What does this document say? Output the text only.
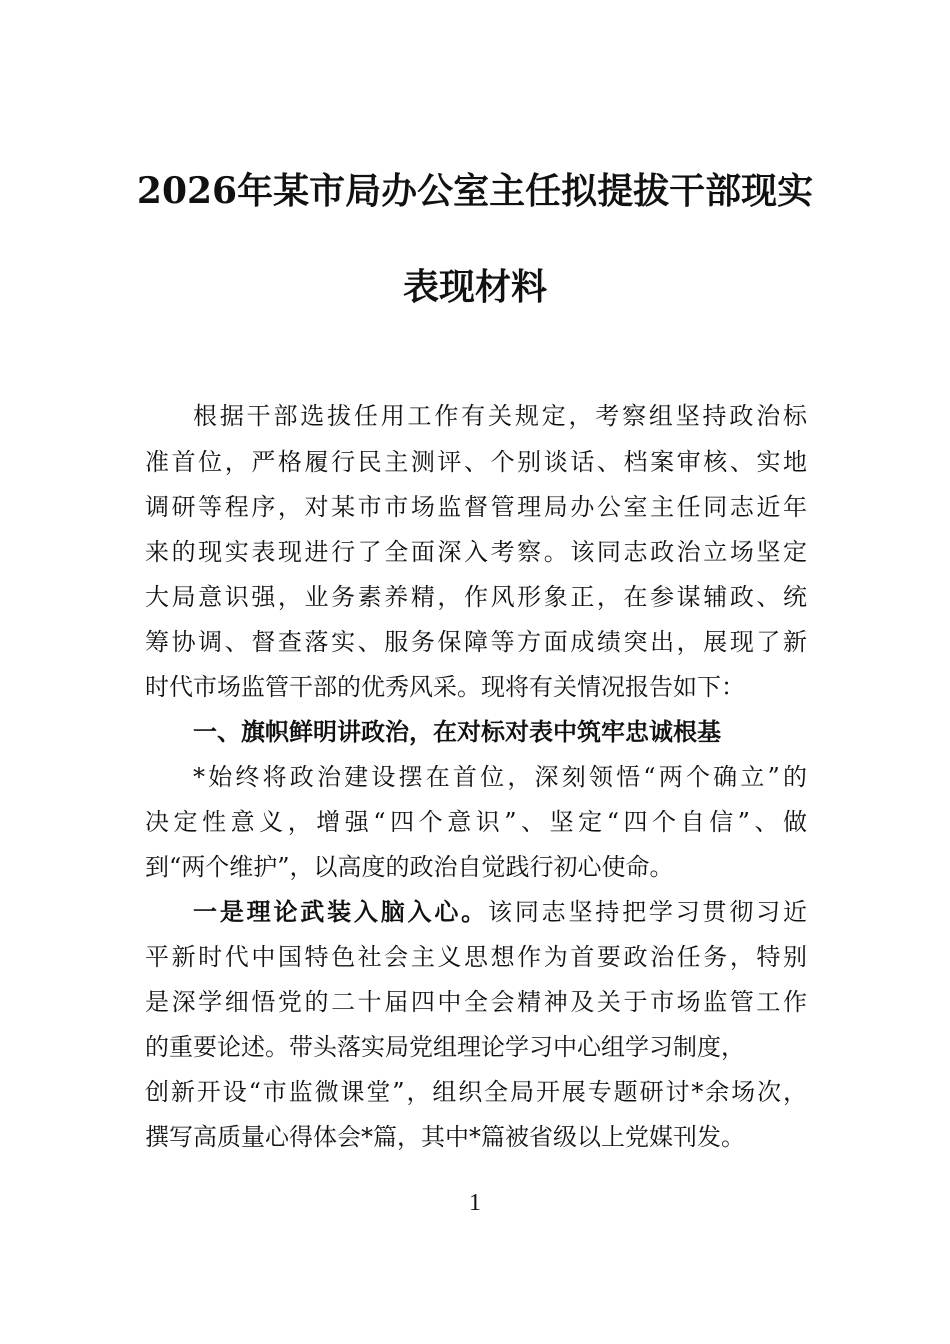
2026年某市局办公室主任拟提拔干部现实
表现材料
根据干部选拔任用工作有关规定，考察组坚持政治标
准首位，严格履行民主测评、个别谈话、档案审核、实地
调研等程序，对某市市场监督管理局办公室主任同志近年
来的现实表现进行了全面深入考察。该同志政治立场坚定
大局意识强，业务素养精，作风形象正，在参谋辅政、统
筹协调、督查落实、服务保障等方面成绩突出，展现了新
时代市场监管干部的优秀风采。现将有关情况报告如下：
一、旗帜鲜明讲政治，在对标对表中筑牢忠诚根基
*始终将政治建设摆在首位，深刻领悟“两个确立”的
决定性意义，增强“四个意识”、坚定“四个自信”、做
到“两个维护”，以高度的政治自觉践行初心使命。
一是理论武装入脑入心。该同志坚持把学习贯彻习近
平新时代中国特色社会主义思想作为首要政治任务，特别
是深学细悟党的二十届四中全会精神及关于市场监管工作
的重要论述。带头落实局党组理论学习中心组学习制度，
创新开设“市监微课堂”，组织全局开展专题研讨*余场次，
撰写高质量心得体会*篇，其中*篇被省级以上党媒刊发。
1
